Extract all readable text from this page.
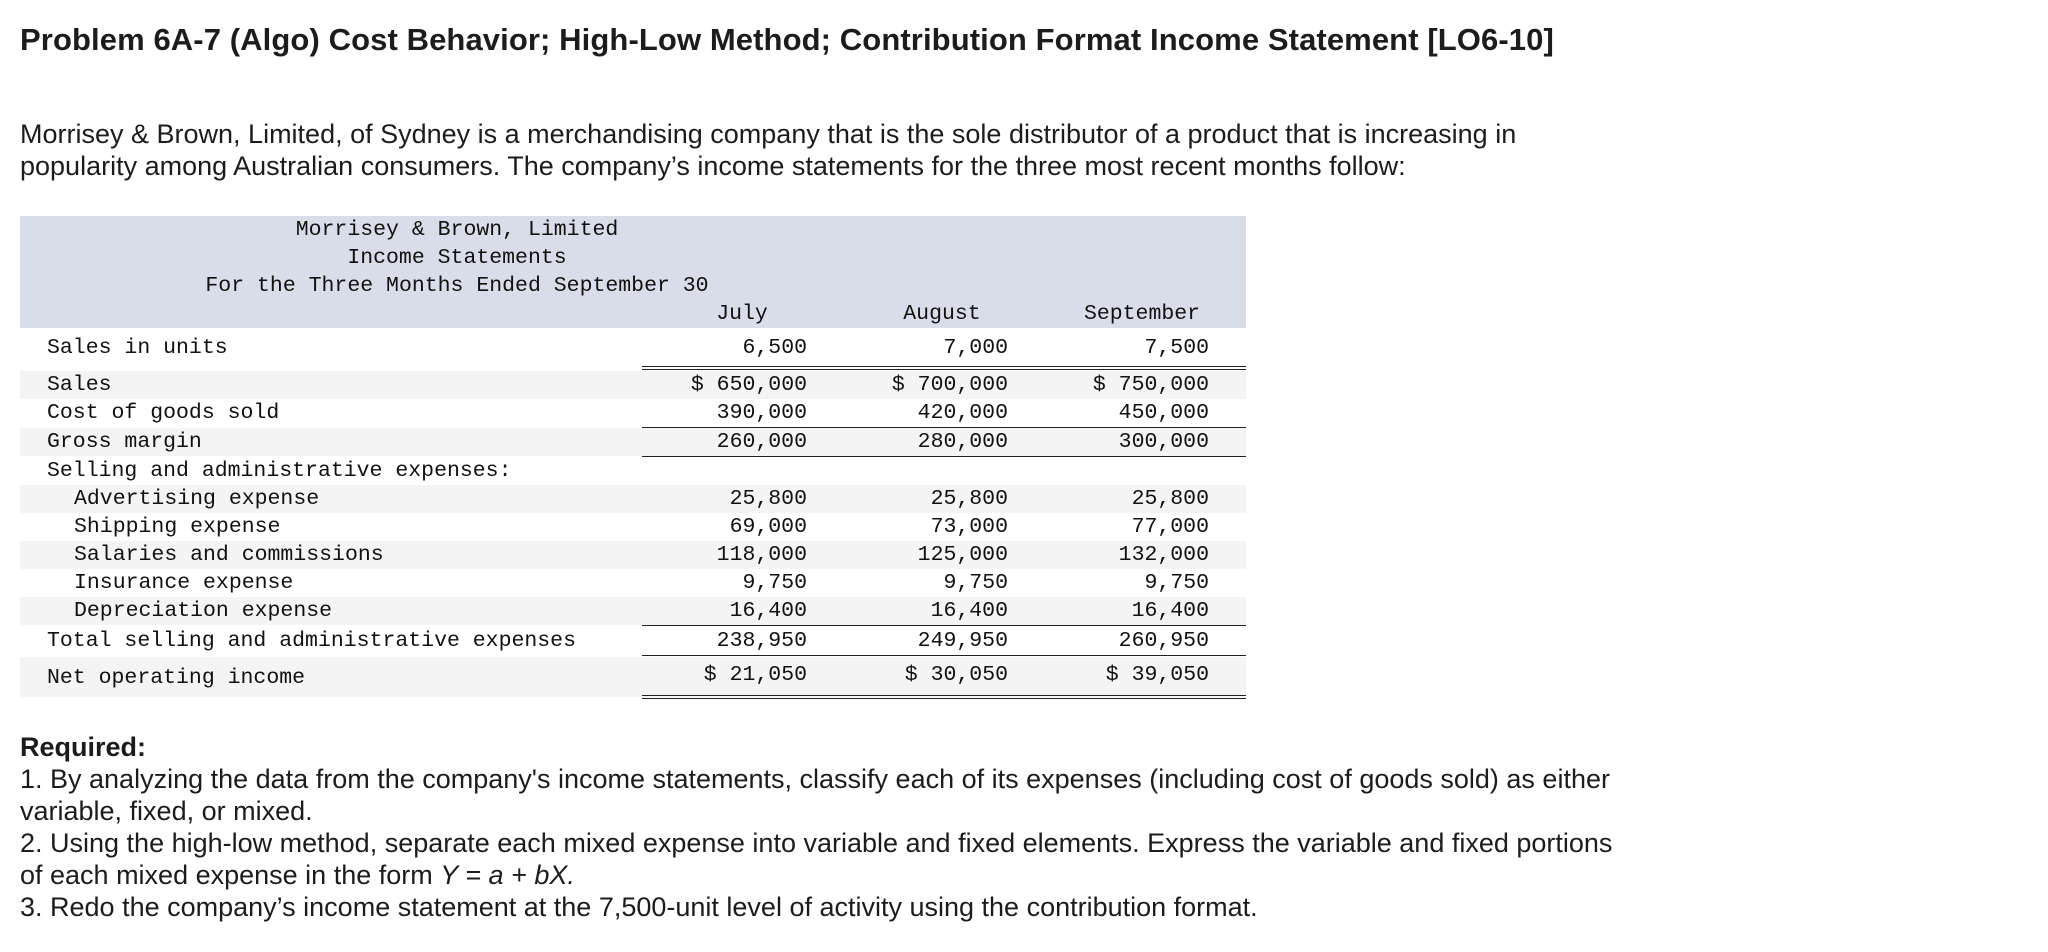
Problem 6A-7 (Algo) Cost Behavior; High-Low Method; Contribution Format Income Statement [LO6-10]
Morrisey & Brown, Limited, of Sydney is a merchandising company that is the sole distributor of a product that is increasing in
popularity among Australian consumers. The company’s income statements for the three most recent months follow:
Morrisey & Brown, Limited
Income Statements
For the Three Months Ended September 30
July	August	September
Sales in units	6,500	7,000	7,500
Sales	$ 650,000	$ 700,000	$ 750,000
Cost of goods sold	390,000	420,000	450,000
Gross margin	260,000	280,000	300,000
Selling and administrative expenses:
Advertising expense	25,800	25,800	25,800
Shipping expense	69,000	73,000	77,000
Salaries and commissions	118,000	125,000	132,000
Insurance expense	9,750	9,750	9,750
Depreciation expense	16,400	16,400	16,400
Total selling and administrative expenses	238,950	249,950	260,950
Net operating income	$ 21,050	$ 30,050	$ 39,050
Required:
1. By analyzing the data from the company's income statements, classify each of its expenses (including cost of goods sold) as either
variable, fixed, or mixed.
2. Using the high-low method, separate each mixed expense into variable and fixed elements. Express the variable and fixed portions
of each mixed expense in the form Y = a + bX.
3. Redo the company’s income statement at the 7,500-unit level of activity using the contribution format.
